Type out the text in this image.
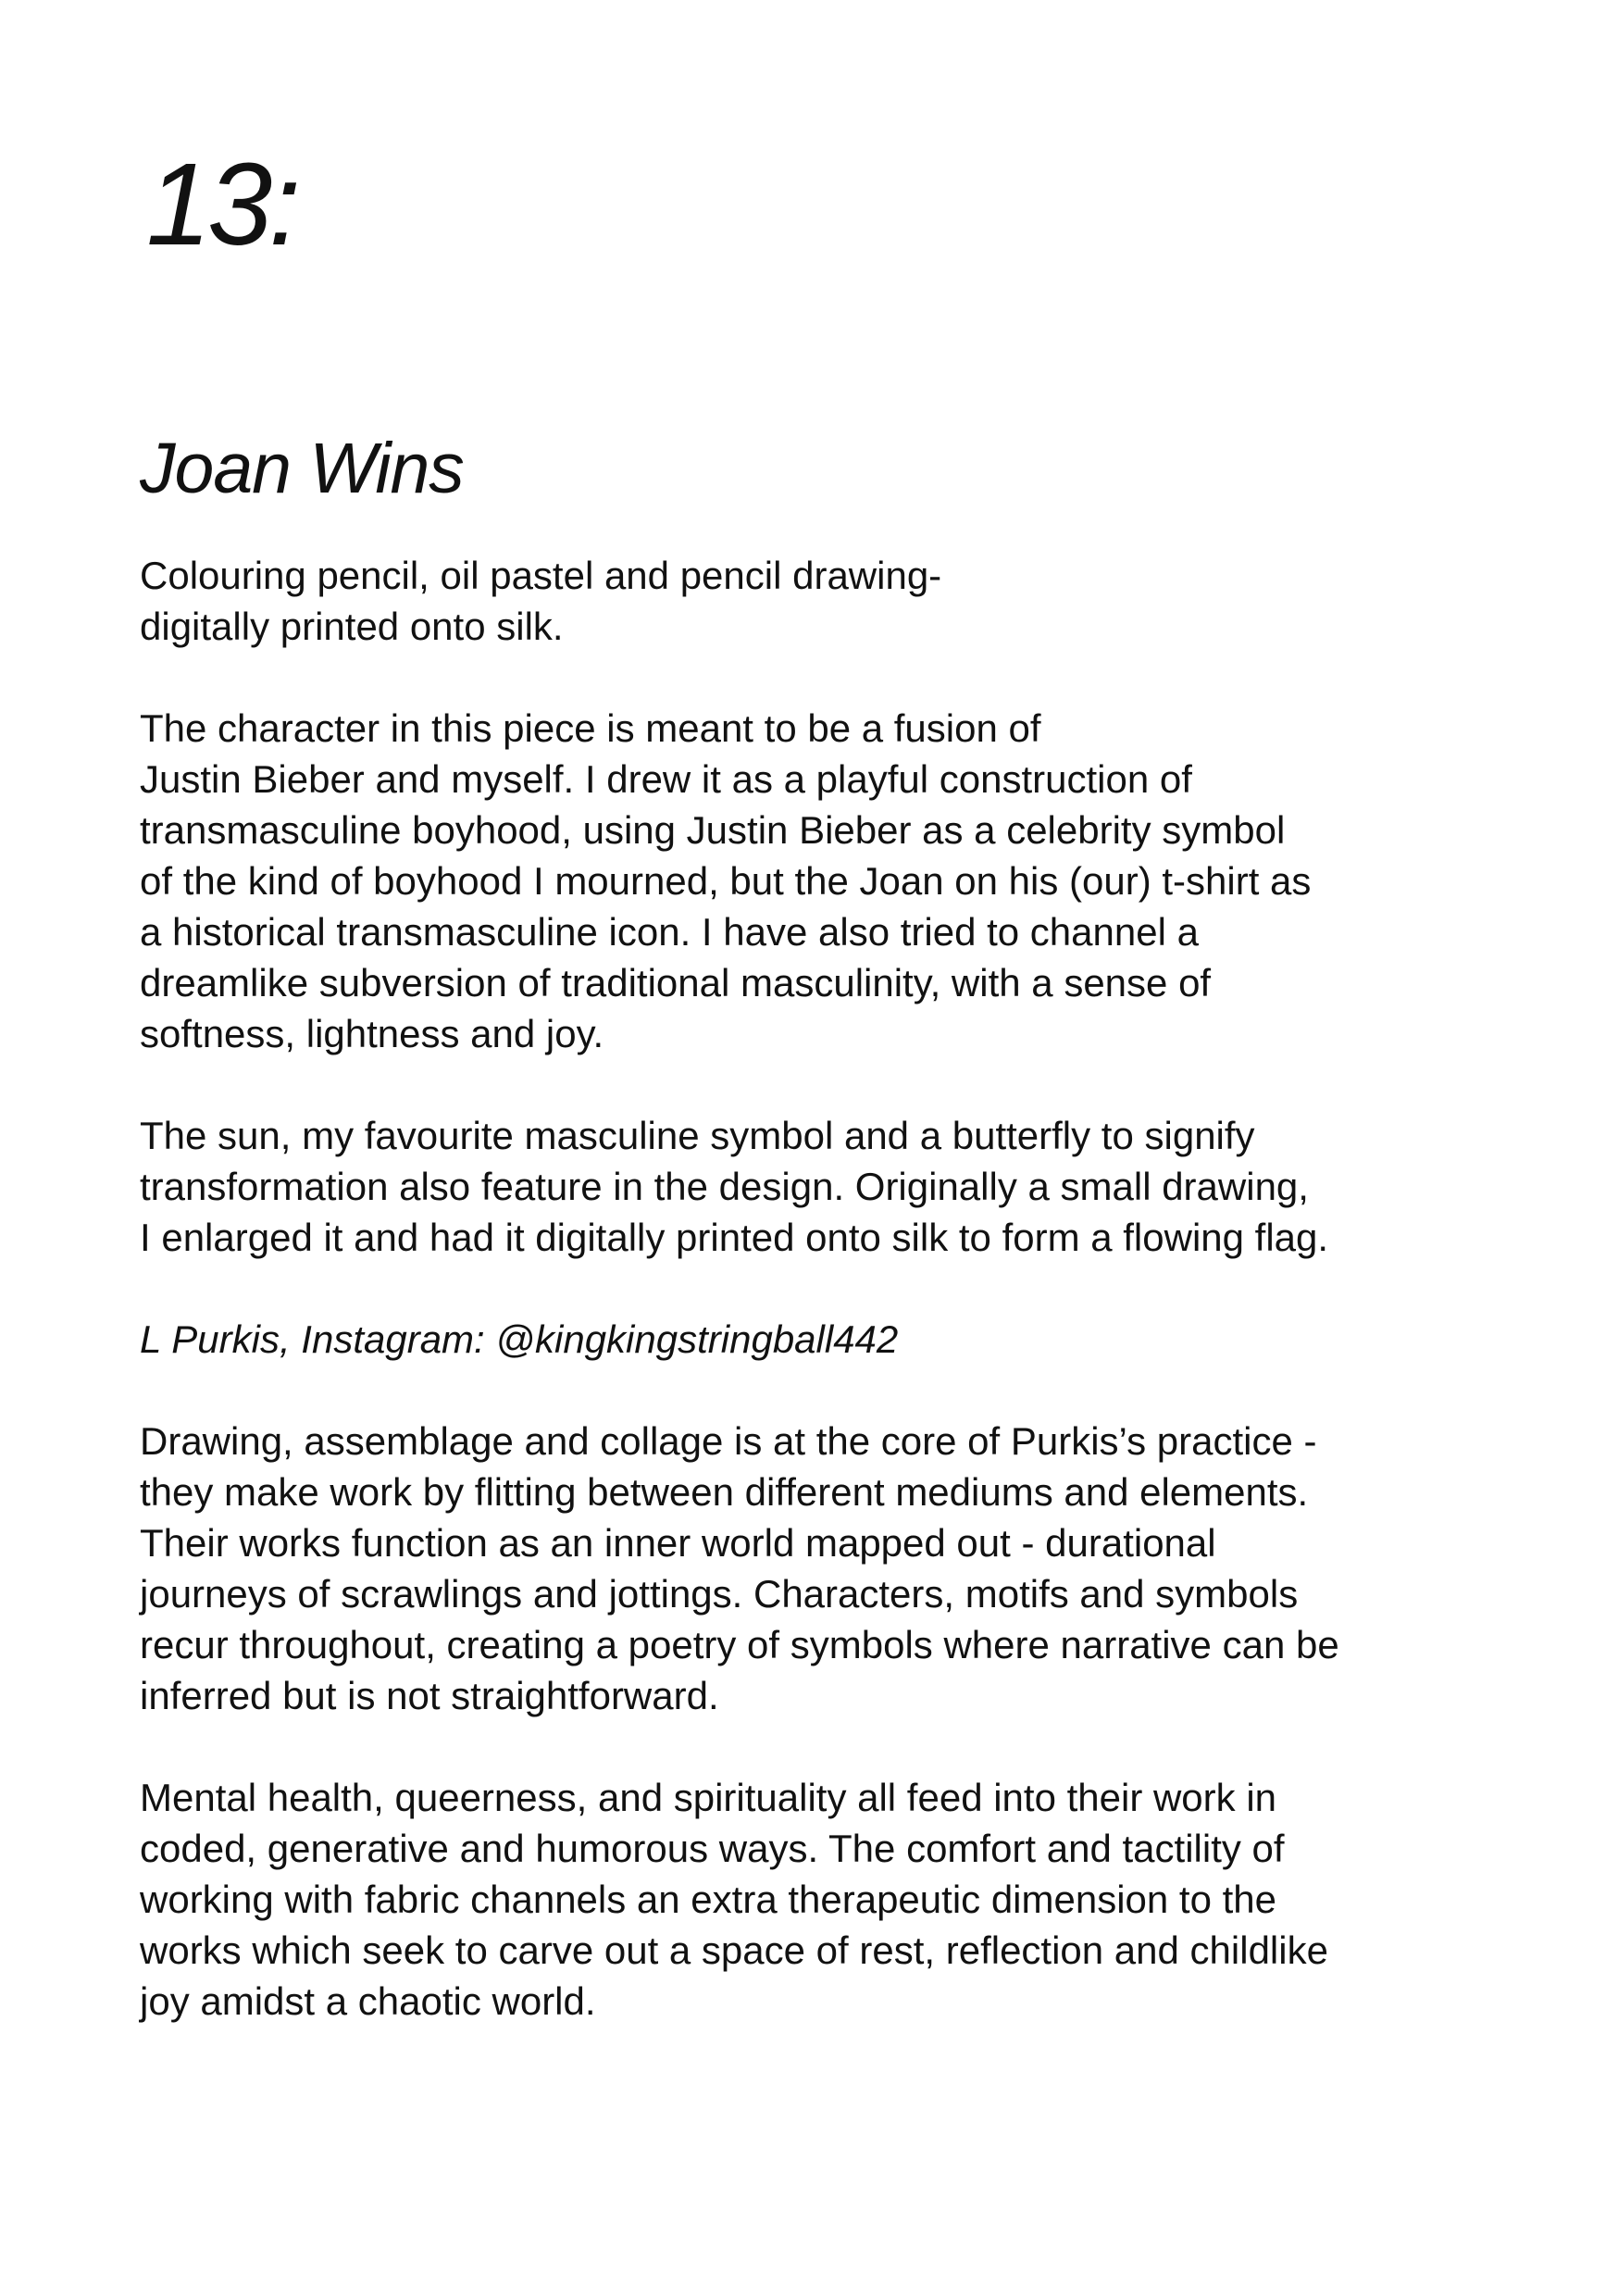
13:
Joan Wins

Colouring pencil, oil pastel and pencil drawing-
digitally printed onto silk.

The character in this piece is meant to be a fusion of
Justin Bieber and myself. I drew it as a playful construction of
transmasculine boyhood, using Justin Bieber as a celebrity symbol
of the kind of boyhood I mourned, but the Joan on his (our) t-shirt as
a historical transmasculine icon. I have also tried to channel a
dreamlike subversion of traditional masculinity, with a sense of
softness, lightness and joy.

The sun, my favourite masculine symbol and a butterfly to signify
transformation also feature in the design. Originally a small drawing,
I enlarged it and had it digitally printed onto silk to form a flowing flag.

L Purkis, Instagram: @kingkingstringball442

Drawing, assemblage and collage is at the core of Purkis’s practice -
they make work by flitting between different mediums and elements.
Their works function as an inner world mapped out - durational
journeys of scrawlings and jottings. Characters, motifs and symbols
recur throughout, creating a poetry of symbols where narrative can be
inferred but is not straightforward.

Mental health, queerness, and spirituality all feed into their work in
coded, generative and humorous ways. The comfort and tactility of
working with fabric channels an extra therapeutic dimension to the
works which seek to carve out a space of rest, reflection and childlike
joy amidst a chaotic world.
